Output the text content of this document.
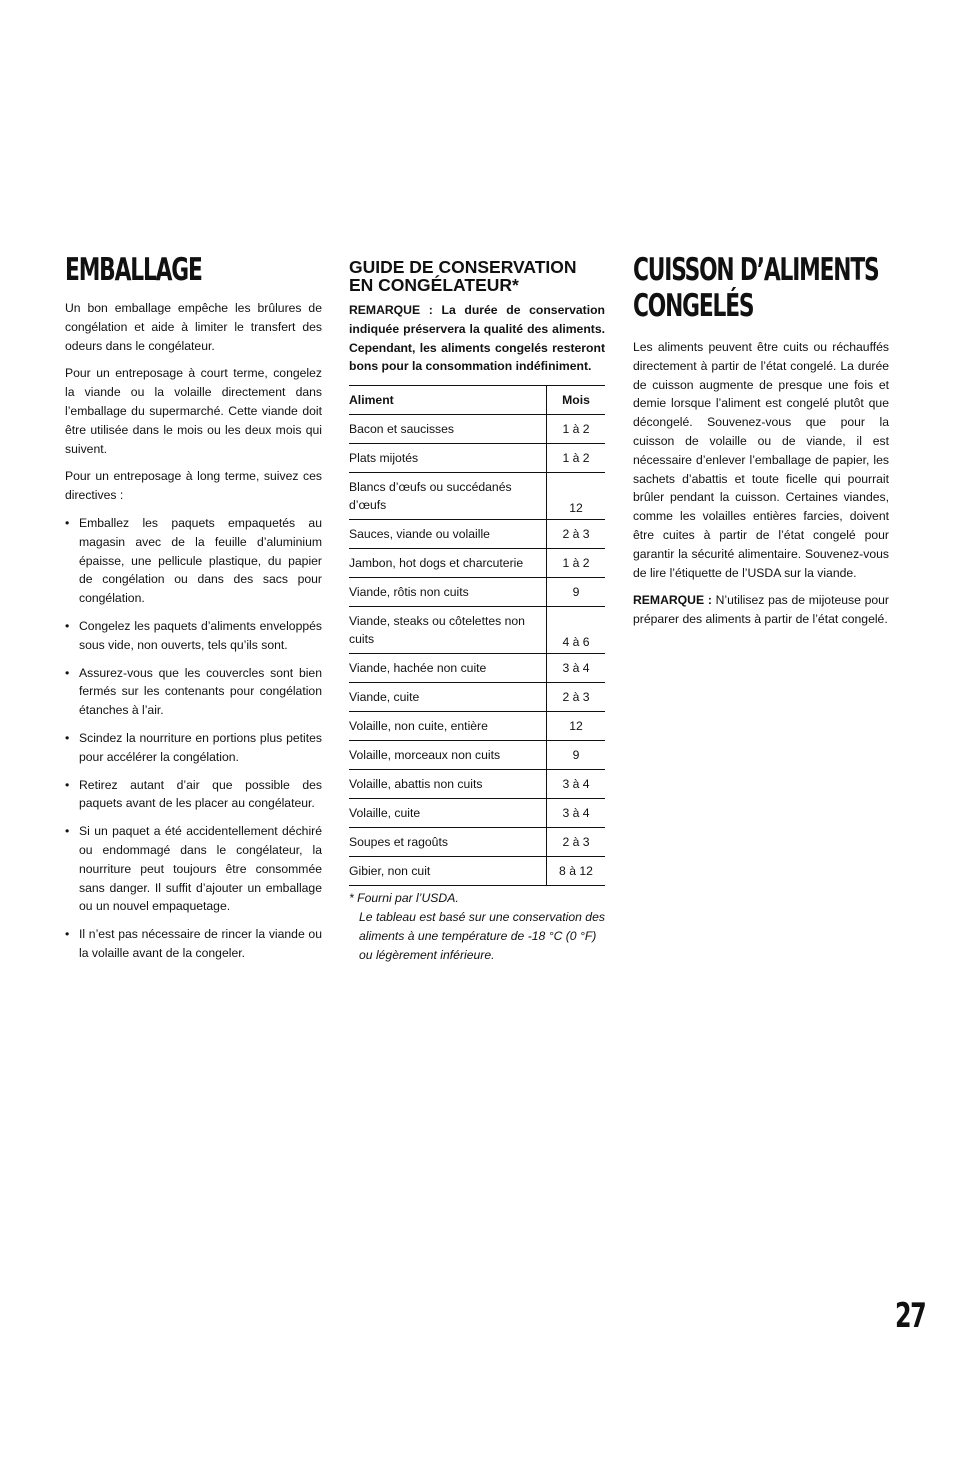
EMBALLAGE

Un bon emballage empêche les brûlures de congélation et aide à limiter le transfert des odeurs dans le congélateur.

Pour un entreposage à court terme, congelez la viande ou la volaille directement dans l’emballage du supermarché. Cette viande doit être utilisée dans le mois ou les deux mois qui suivent.

Pour un entreposage à long terme, suivez ces directives :

• Emballez les paquets empaquetés au magasin avec de la feuille d’aluminium épaisse, une pellicule plastique, du papier de congélation ou dans des sacs pour congélation.
• Congelez les paquets d’aliments enveloppés sous vide, non ouverts, tels qu’ils sont.
• Assurez-vous que les couvercles sont bien fermés sur les contenants pour congélation étanches à l’air.
• Scindez la nourriture en portions plus petites pour accélérer la congélation.
• Retirez autant d’air que possible des paquets avant de les placer au congélateur.
• Si un paquet a été accidentellement déchiré ou endommagé dans le congélateur, la nourriture peut toujours être consommée sans danger. Il suffit d’ajouter un emballage ou un nouvel empaquetage.
• Il n’est pas nécessaire de rincer la viande ou la volaille avant de la congeler.
GUIDE DE CONSERVATION EN CONGÉLATEUR*

REMARQUE : La durée de conservation indiquée préservera la qualité des aliments. Cependant, les aliments congelés resteront bons pour la consommation indéfiniment.

Aliment	Mois
Bacon et saucisses	1 à 2
Plats mijotés	1 à 2
Blancs d’œufs ou succédanés d’œufs	12
Sauces, viande ou volaille	2 à 3
Jambon, hot dogs et charcuterie	1 à 2
Viande, rôtis non cuits	9
Viande, steaks ou côtelettes non cuits	4 à 6
Viande, hachée non cuite	3 à 4
Viande, cuite	2 à 3
Volaille, non cuite, entière	12
Volaille, morceaux non cuits	9
Volaille, abattis non cuits	3 à 4
Volaille, cuite	3 à 4
Soupes et ragoûts	2 à 3
Gibier, non cuit	8 à 12
* Fourni par l’USDA.
Le tableau est basé sur une conservation des aliments à une température de -18 °C (0 °F) ou légèrement inférieure.
CUISSON D’ALIMENTS
CONGELÉS

Les aliments peuvent être cuits ou réchauffés directement à partir de l’état congelé. La durée de cuisson augmente de presque une fois et demie lorsque l’aliment est congelé plutôt que décongelé. Souvenez-vous que pour la cuisson de volaille ou de viande, il est nécessaire d’enlever l’emballage de papier, les sachets d’abattis et toute ficelle qui pourrait brûler pendant la cuisson. Certaines viandes, comme les volailles entières farcies, doivent être cuites à partir de l’état congelé pour garantir la sécurité alimentaire. Souvenez-vous de lire l’étiquette de l’USDA sur la viande.

REMARQUE : N’utilisez pas de mijoteuse pour préparer des aliments à partir de l’état congelé.

27
